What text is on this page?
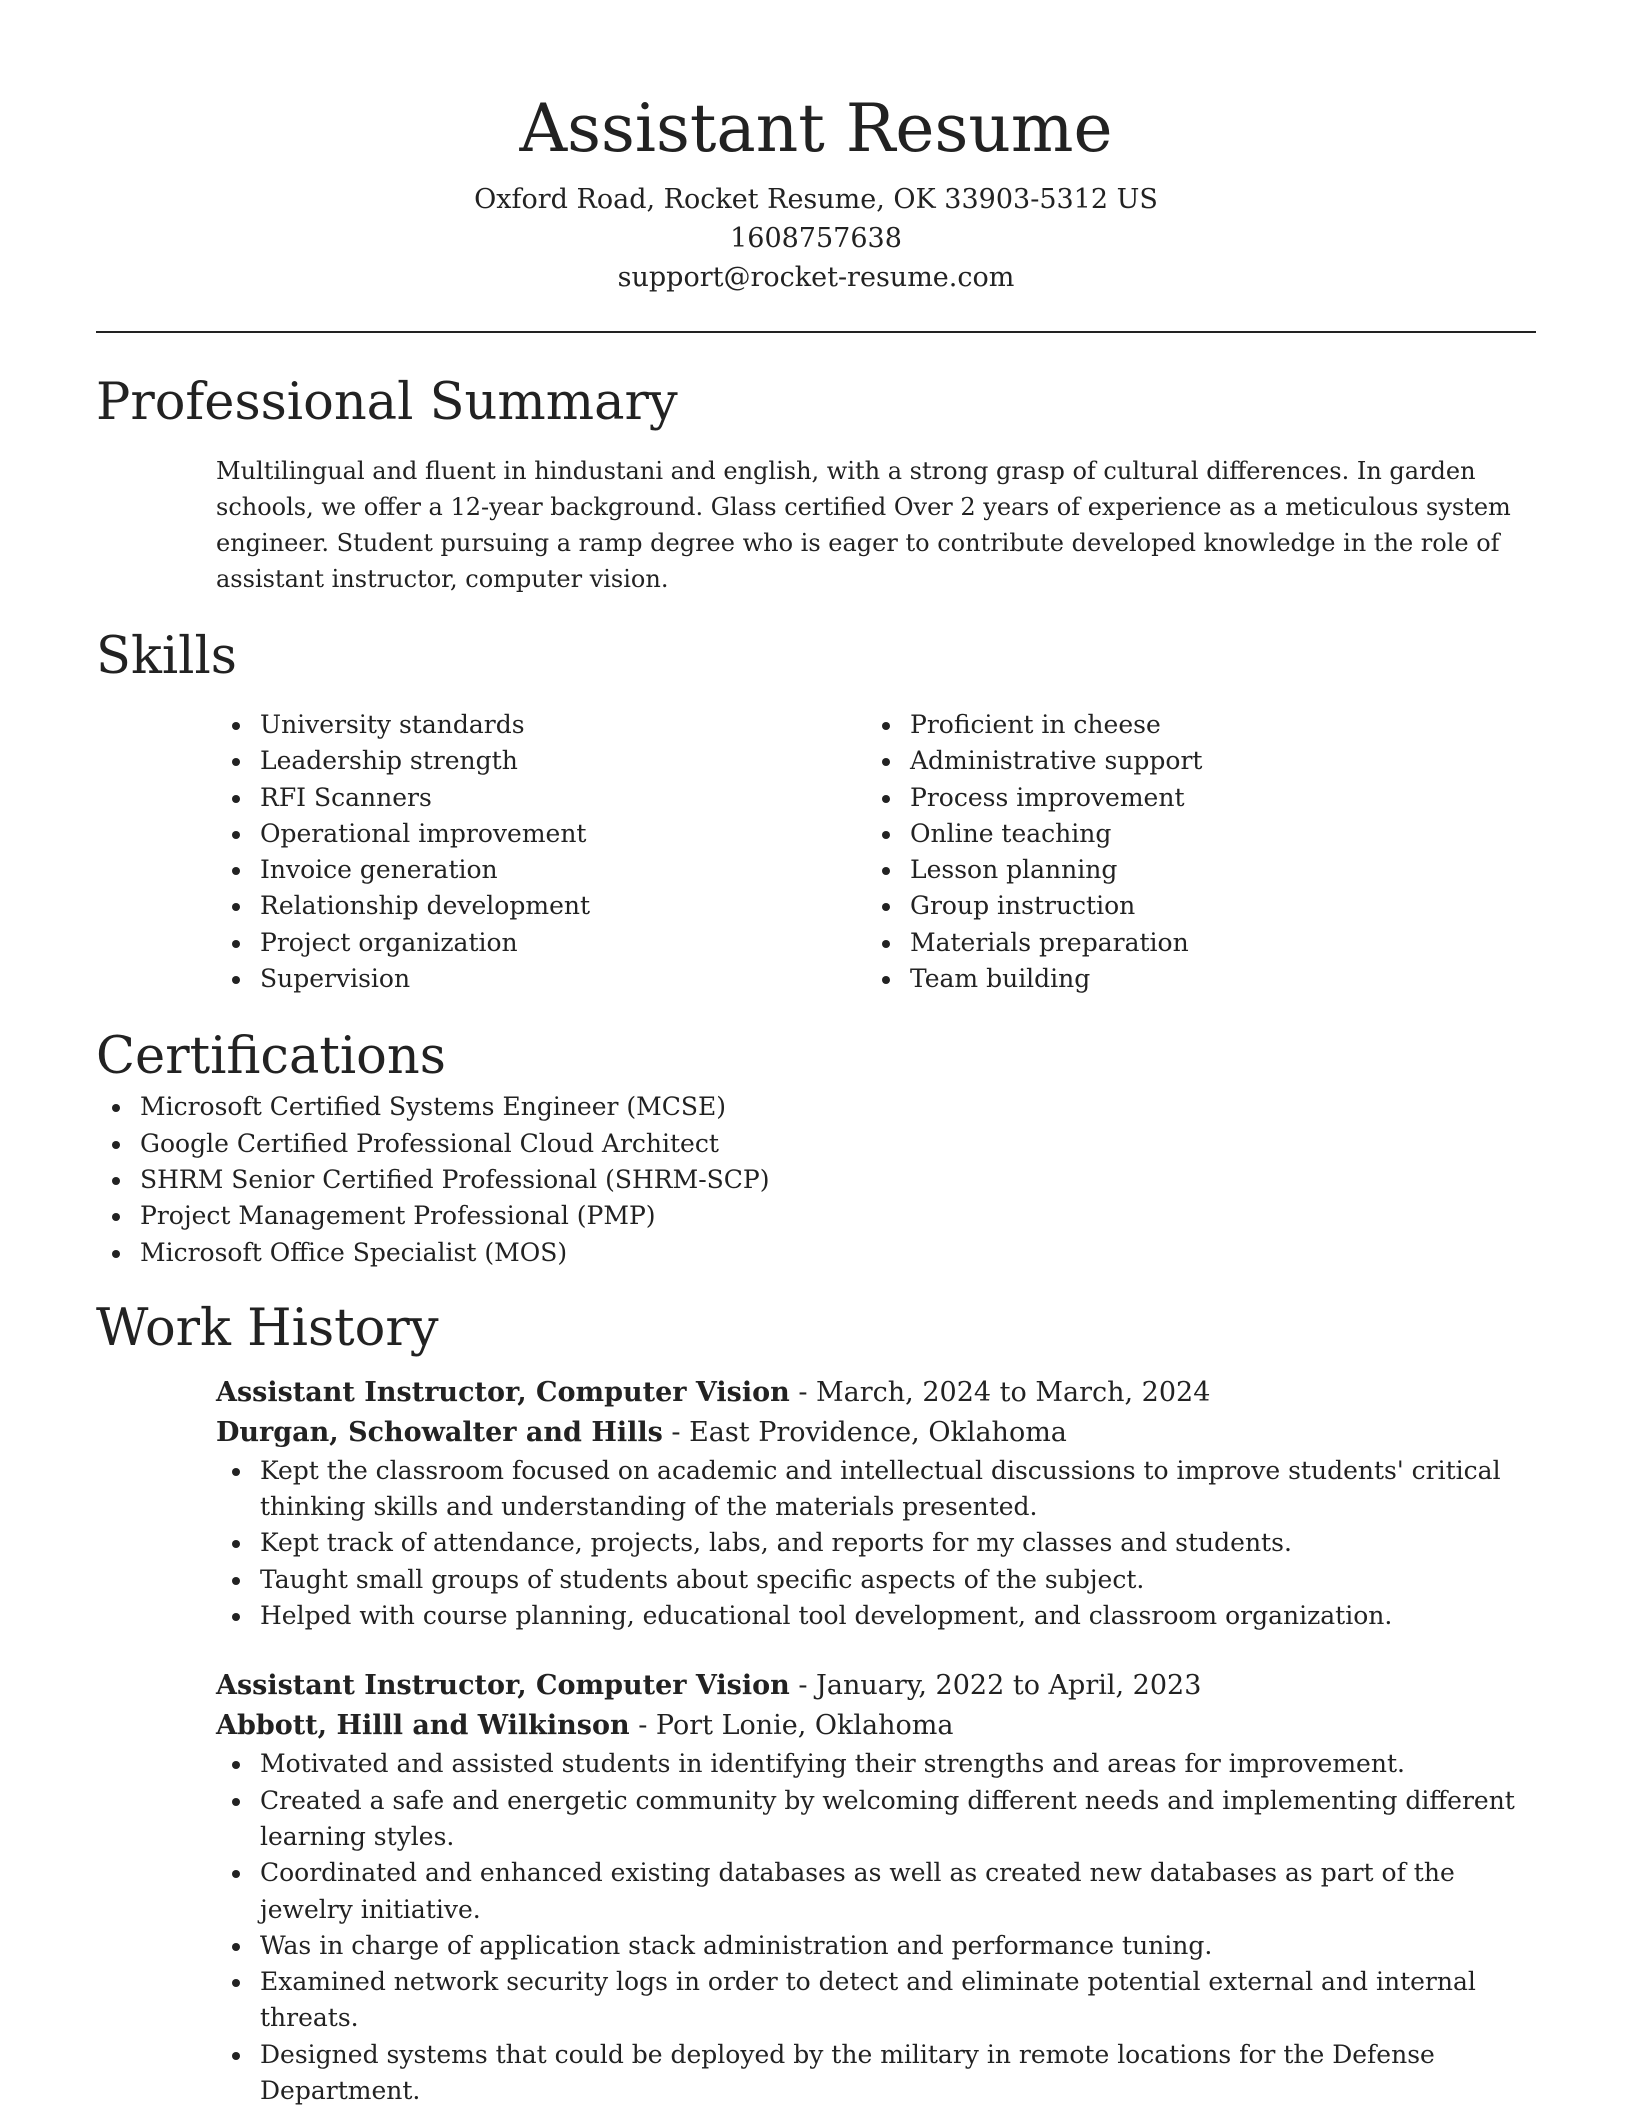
Assistant Resume

Oxford Road, Rocket Resume, OK 33903-5312 US

1608757638

support@rocket-resume.com

Professional Summary

Multilingual and fluent in hindustani and english, with a strong grasp of cultural differences. In garden schools, we offer a 12-year background. Glass certified Over 2 years of experience as a meticulous system engineer. Student pursuing a ramp degree who is eager to contribute developed knowledge in the role of assistant instructor, computer vision.

Skills
University standards
Leadership strength
RFI Scanners
Operational improvement
Invoice generation
Relationship development
Project organization
Supervision
Proficient in cheese
Administrative support
Process improvement
Online teaching
Lesson planning
Group instruction
Materials preparation
Team building
Certifications
Microsoft Certified Systems Engineer (MCSE)
Google Certified Professional Cloud Architect
SHRM Senior Certified Professional (SHRM-SCP)
Project Management Professional (PMP)
Microsoft Office Specialist (MOS)
Work History

Assistant Instructor, Computer Vision - March, 2024 to March, 2024

Durgan, Schowalter and Hills - East Providence, Oklahoma

Kept the classroom focused on academic and intellectual discussions to improve students' critical thinking skills and understanding of the materials presented.
Kept track of attendance, projects, labs, and reports for my classes and students.
Taught small groups of students about specific aspects of the subject.
Helped with course planning, educational tool development, and classroom organization.

Assistant Instructor, Computer Vision - January, 2022 to April, 2023

Abbott, Hilll and Wilkinson - Port Lonie, Oklahoma

Motivated and assisted students in identifying their strengths and areas for improvement.
Created a safe and energetic community by welcoming different needs and implementing different learning styles.
Coordinated and enhanced existing databases as well as created new databases as part of the jewelry initiative.
Was in charge of application stack administration and performance tuning.
Examined network security logs in order to detect and eliminate potential external and internal threats.
Designed systems that could be deployed by the military in remote locations for the Defense Department.
